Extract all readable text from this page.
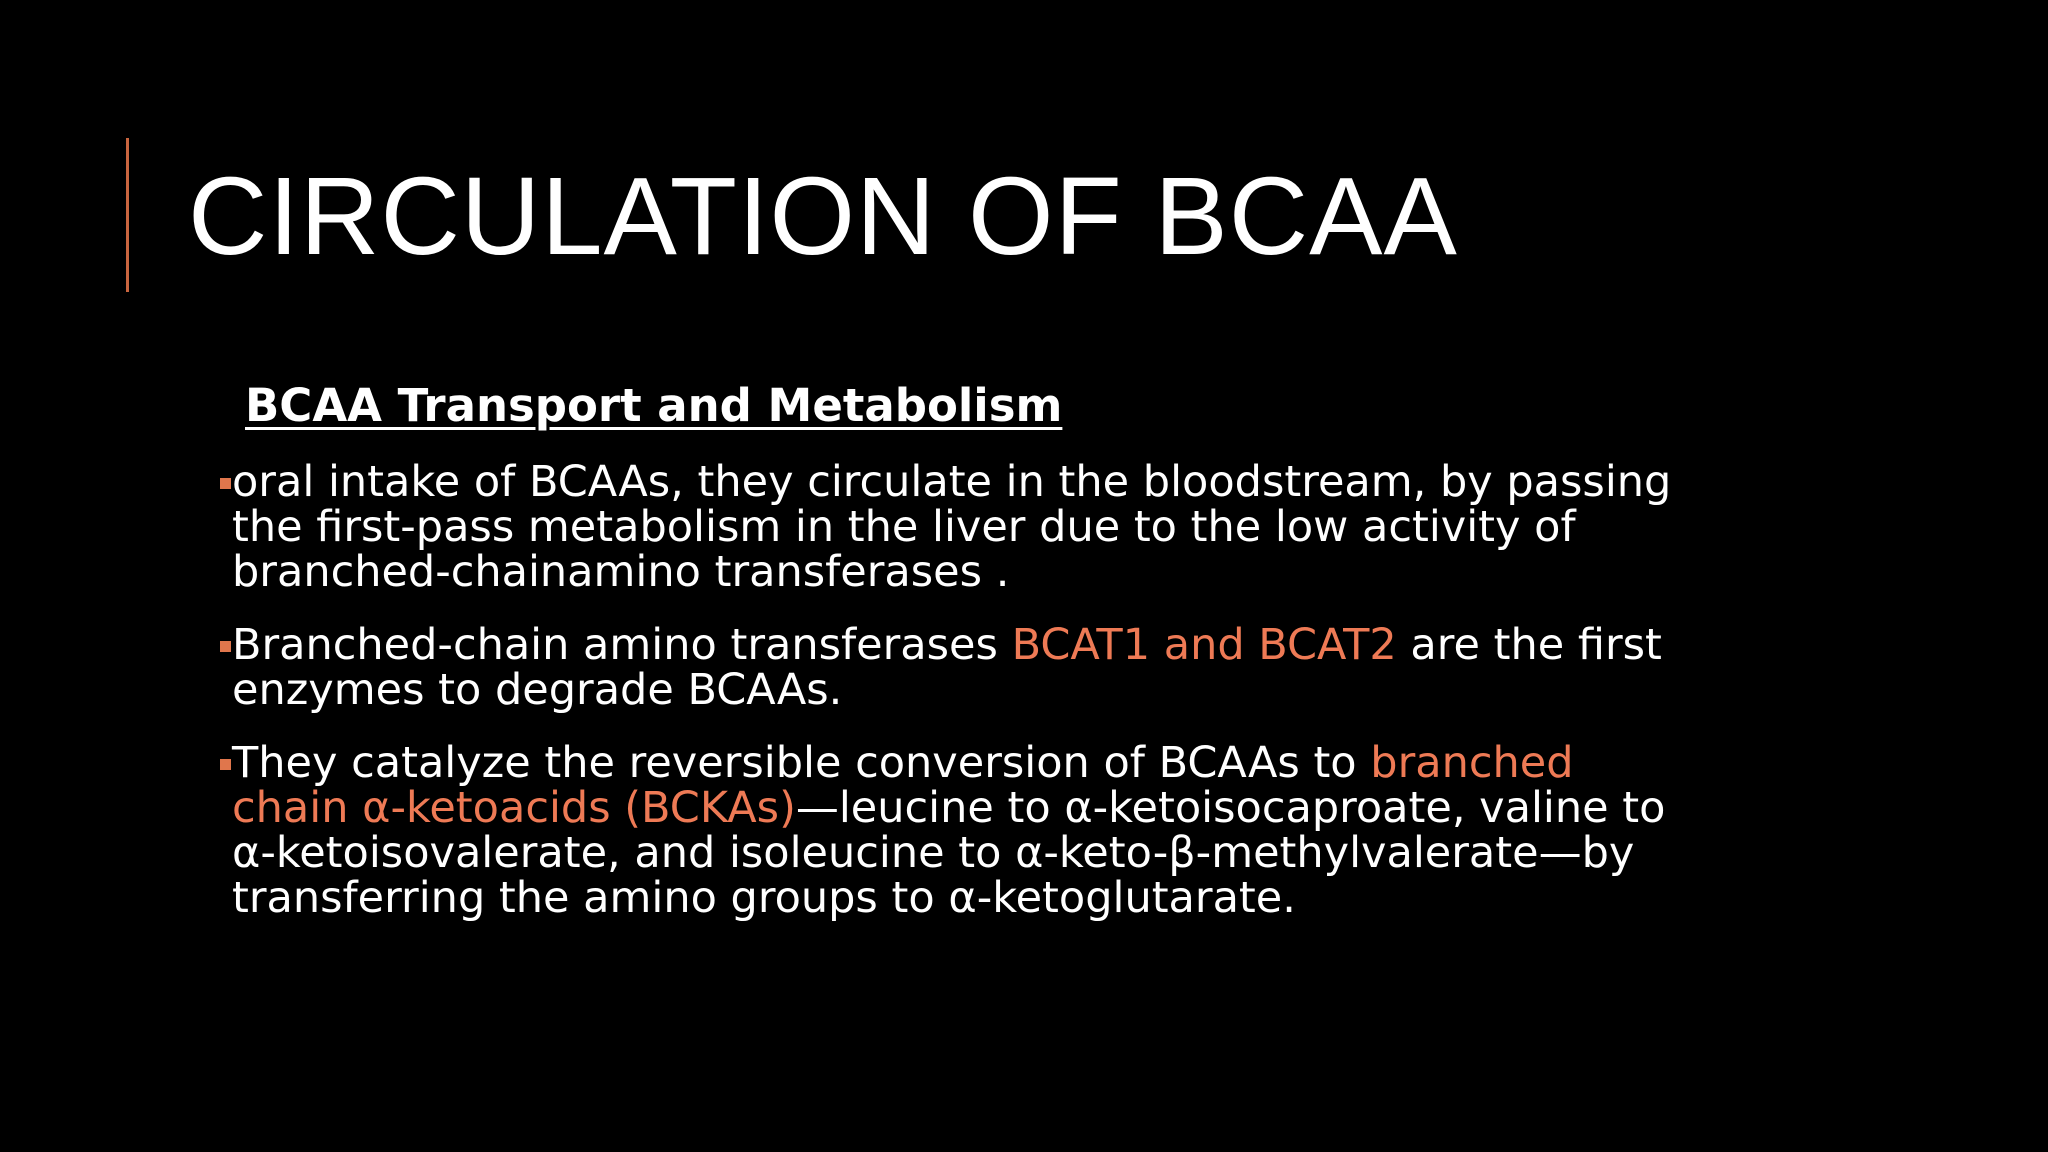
CIRCULATION OF BCAA
BCAA Transport and Metabolism
oral intake of BCAAs, they circulate in the bloodstream, by passing the first-pass metabolism in the liver due to the low activity of branched-chainamino transferases .
Branched-chain amino transferases BCAT1 and BCAT2 are the first enzymes to degrade BCAAs.
They catalyze the reversible conversion of BCAAs to branched chain α-ketoacids (BCKAs)—leucine to α-ketoisocaproate, valine to α-ketoisovalerate, and isoleucine to α-keto-β-methylvalerate—by transferring the amino groups to α-ketoglutarate.
